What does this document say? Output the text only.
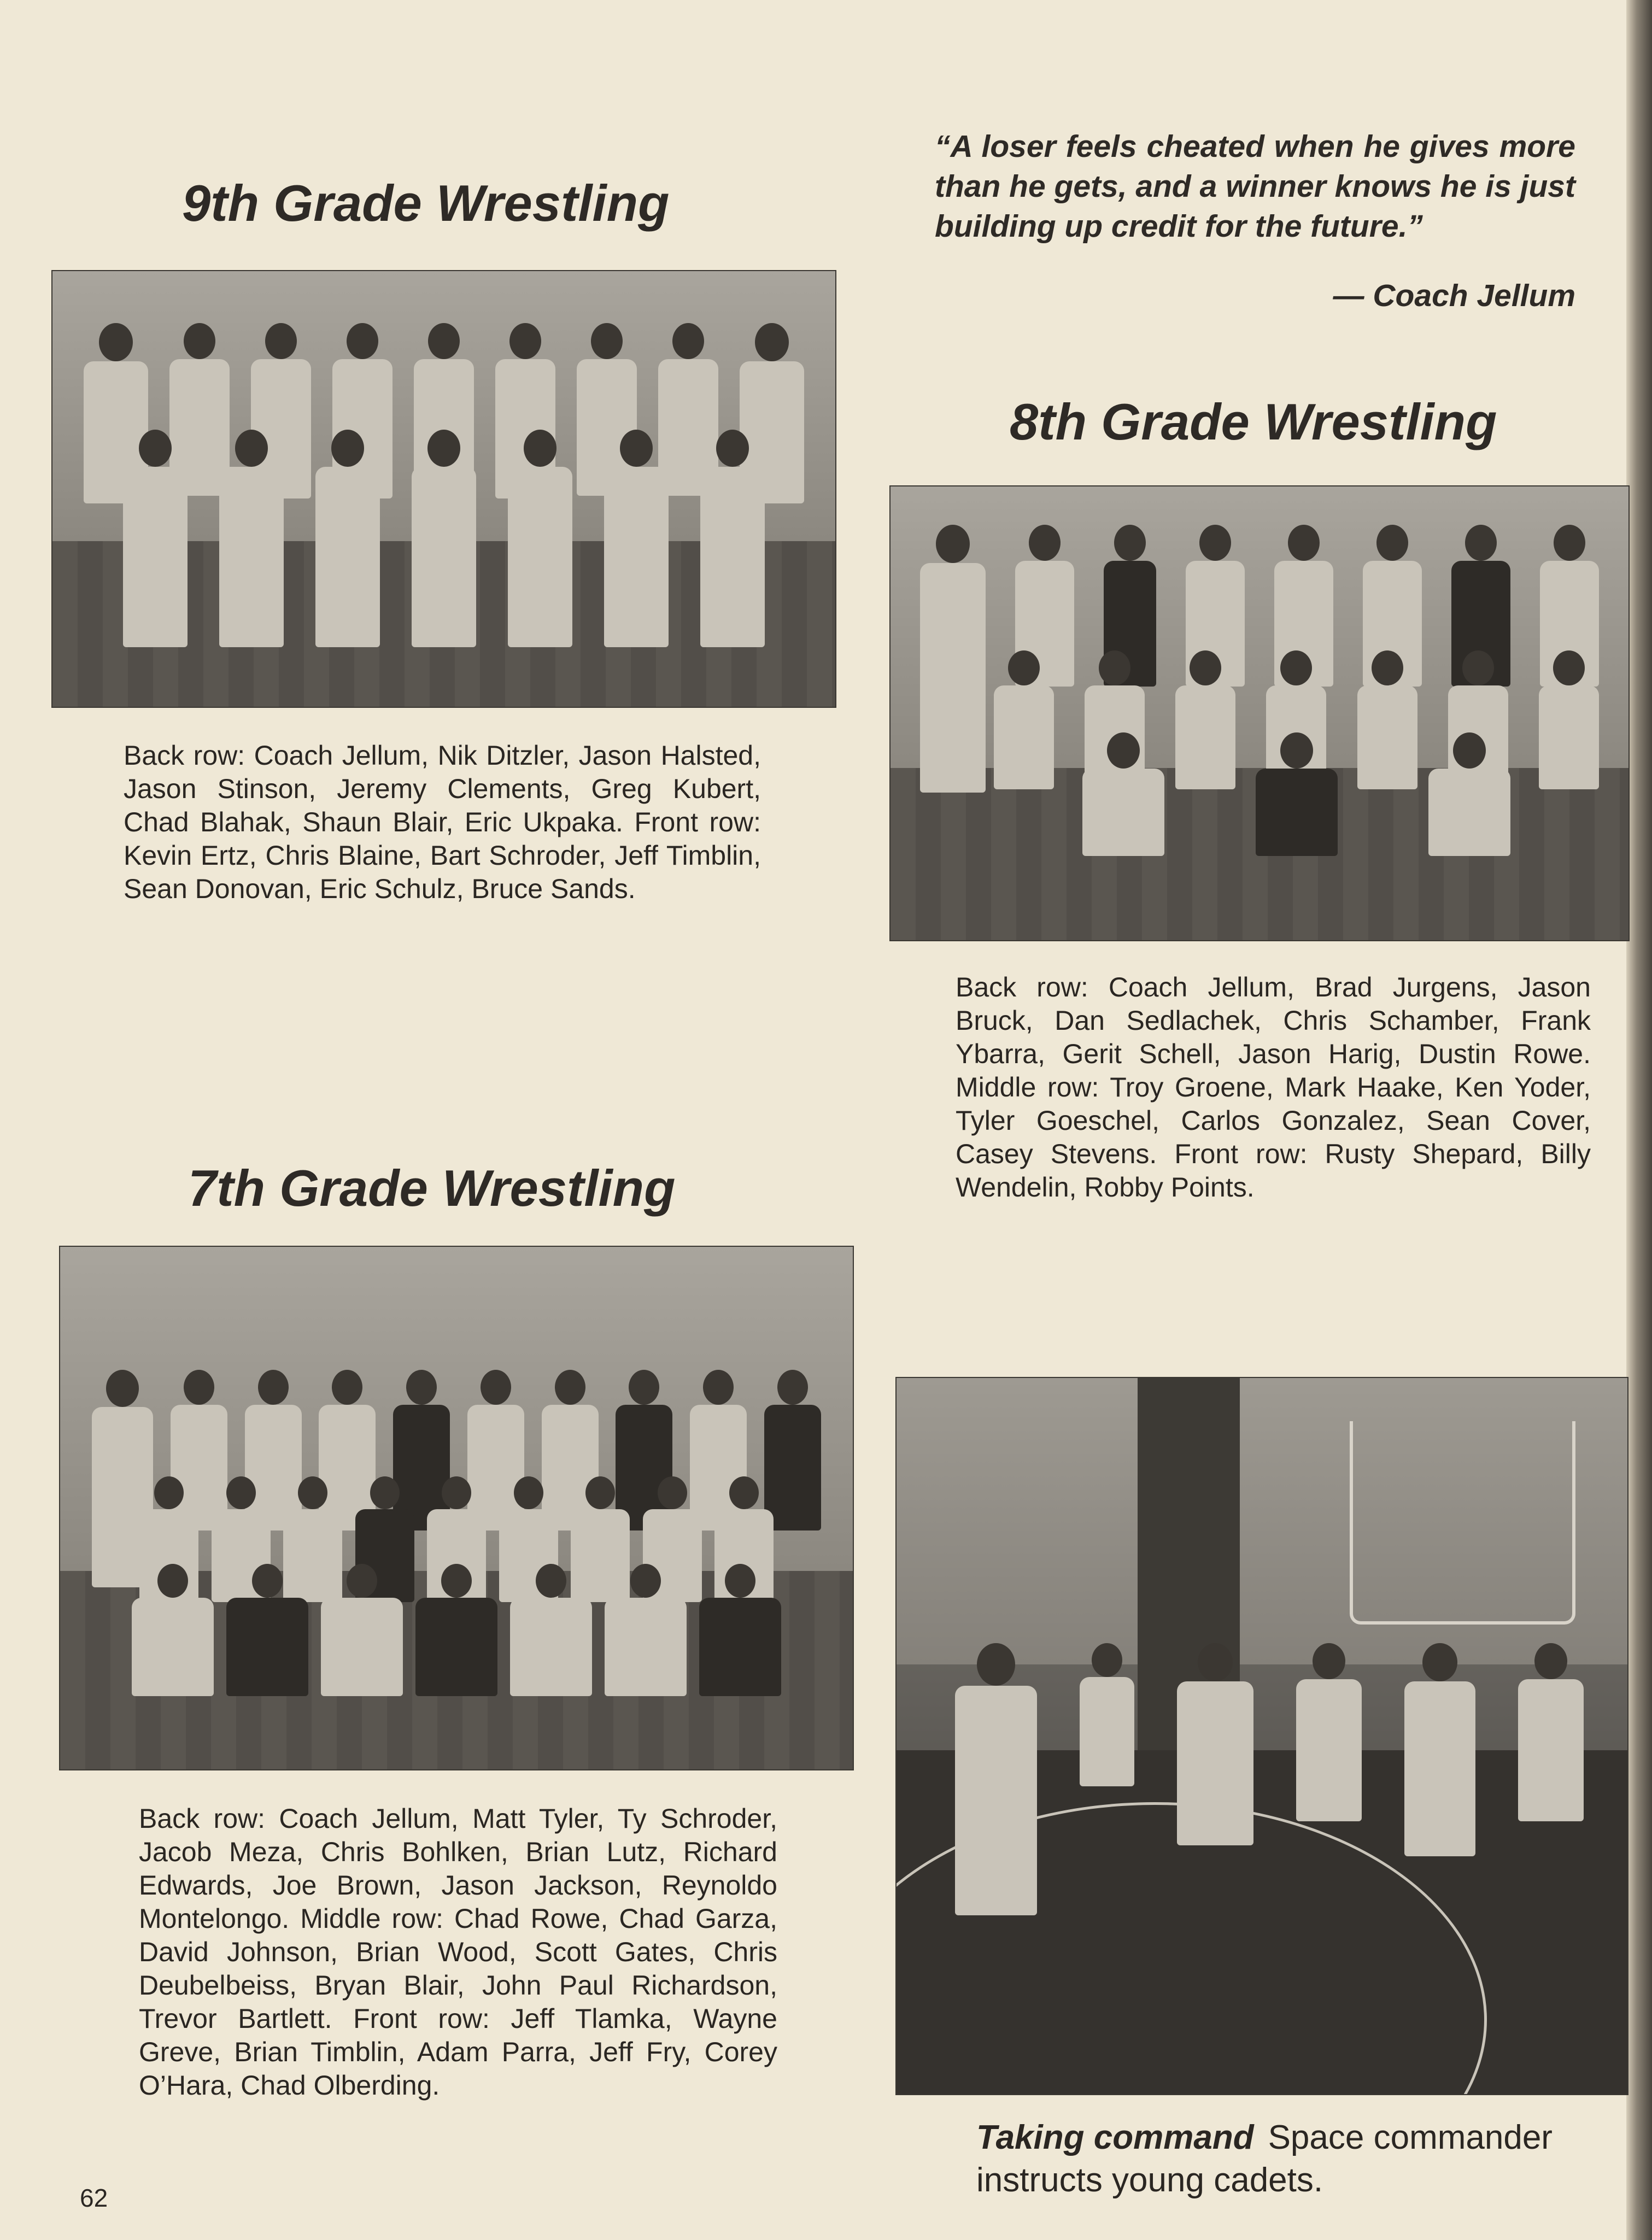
9th Grade Wrestling

Back row: Coach Jellum, Nik Ditzler, Jason Halsted, Jason Stinson, Jeremy Clements, Greg Kubert, Chad Blahak, Shaun Blair, Eric Ukpaka. Front row: Kevin Ertz, Chris Blaine, Bart Schroder, Jeff Timblin, Sean Donovan, Eric Schulz, Bruce Sands.

“A loser feels cheated when he gives more than he gets, and a winner knows he is just building up credit for the future.”

— Coach Jellum
8th Grade Wrestling

Back row: Coach Jellum, Brad Jurgens, Jason Bruck, Dan Sedlachek, Chris Schamber, Frank Ybarra, Gerit Schell, Jason Harig, Dustin Rowe. Middle row: Troy Groene, Mark Haake, Ken Yoder, Tyler Goeschel, Carlos Gonzalez, Sean Cover, Casey Stevens. Front row: Rusty Shepard, Billy Wendelin, Robby Points.

7th Grade Wrestling

Back row: Coach Jellum, Matt Tyler, Ty Schroder, Jacob Meza, Chris Bohlken, Brian Lutz, Richard Edwards, Joe Brown, Jason Jackson, Reynoldo Montelongo. Middle row: Chad Rowe, Chad Garza, David Johnson, Brian Wood, Scott Gates, Chris Deubelbeiss, Bryan Blair, John Paul Richardson, Trevor Bartlett. Front row: Jeff Tlamka, Wayne Greve, Brian Timblin, Adam Parra, Jeff Fry, Corey O’Hara, Chad Olberding.

Taking command Space commander instructs young cadets.

62
